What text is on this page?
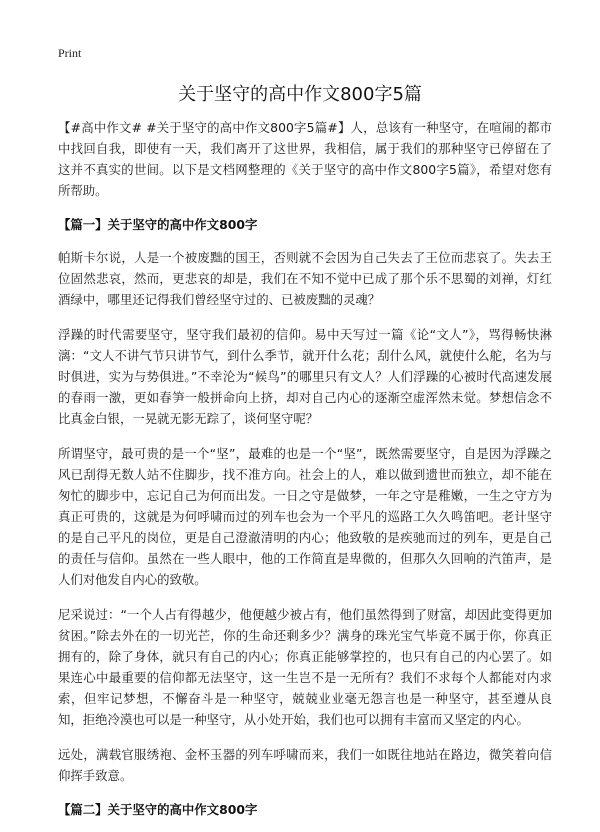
Print
关于坚守的高中作文800字5篇

【#高中作文# #关于坚守的高中作文800字5篇#】人，总该有一种坚守，在喧闹的都市中找回自我，即使有一天，我们离开了这世界，我相信，属于我们的那种坚守已停留在了这并不真实的世间。以下是文档网整理的《关于坚守的高中作文800字5篇》，希望对您有所帮助。

【篇一】关于坚守的高中作文800字

帕斯卡尔说，人是一个被废黜的国王，否则就不会因为自己失去了王位而悲哀了。失去王位固然悲哀，然而，更悲哀的却是，我们在不知不觉中已成了那个乐不思蜀的刘禅，灯红酒绿中，哪里还记得我们曾经坚守过的、已被废黜的灵魂？

浮躁的时代需要坚守，坚守我们最初的信仰。易中天写过一篇《论“文人”》，骂得畅快淋漓：“文人不讲气节只讲节气，到什么季节，就开什么花；刮什么风，就使什么舵，名为与时俱进，实为与势俱进。”不幸沦为“候鸟”的哪里只有文人？人们浮躁的心被时代高速发展的春雨一激，更如春笋一般拼命向上挤，却对自己内心的逐渐空虚浑然未觉。梦想信念不比真金白银，一晃就无影无踪了，谈何坚守呢？

所谓坚守，最可贵的是一个“坚”，最难的也是一个“坚”，既然需要坚守，自是因为浮躁之风已刮得无数人站不住脚步，找不准方向。社会上的人，难以做到遗世而独立，却不能在匆忙的脚步中，忘记自己为何而出发。一日之守是做梦，一年之守是稚嫩，一生之守方为真正可贵的，这就是为何呼啸而过的列车也会为一个平凡的巡路工久久鸣笛吧。老计坚守的是自己平凡的岗位，更是自己澄澈清明的内心；他致敬的是疾驰而过的列车，更是自己的责任与信仰。虽然在一些人眼中，他的工作简直是卑微的，但那久久回响的汽笛声，是人们对他发自内心的致敬。

尼采说过：“一个人占有得越少，他便越少被占有，他们虽然得到了财富，却因此变得更加贫困。”除去外在的一切光芒，你的生命还剩多少？满身的珠光宝气毕竟不属于你，你真正拥有的，除了身体，就只有自己的内心；你真正能够掌控的，也只有自己的内心罢了。如果连心中最重要的信仰都无法坚守，这一生岂不是一无所有？我们不求每个人都能对内求索，但牢记梦想，不懈奋斗是一种坚守，兢兢业业毫无怨言也是一种坚守，甚至遵从良知，拒绝冷漠也可以是一种坚守，从小处开始，我们也可以拥有丰富而又坚定的内心。

远处，满载官服绣袍、金杯玉器的列车呼啸而来，我们一如既往地站在路边，微笑着向信仰挥手致意。

【篇二】关于坚守的高中作文800字
